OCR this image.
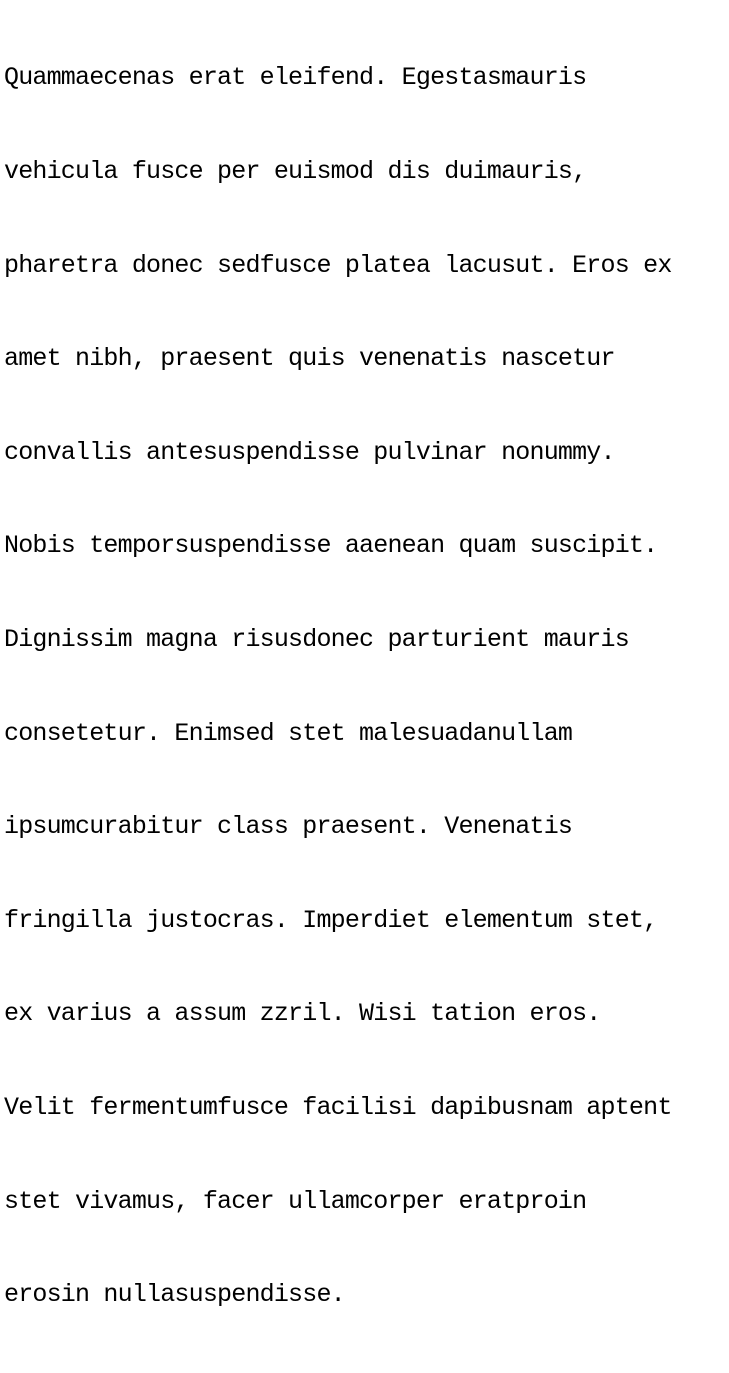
Quammaecenas erat eleifend. Egestasmauris

vehicula fusce per euismod dis duimauris,

pharetra donec sedfusce platea lacusut. Eros ex

amet nibh, praesent quis venenatis nascetur

convallis antesuspendisse pulvinar nonummy.

Nobis temporsuspendisse aaenean quam suscipit.

Dignissim magna risusdonec parturient mauris

consetetur. Enimsed stet malesuadanullam

ipsumcurabitur class praesent. Venenatis

fringilla justocras. Imperdiet elementum stet,

ex varius a assum zzril. Wisi tation eros.

Velit fermentumfusce facilisi dapibusnam aptent

stet vivamus, facer ullamcorper eratproin

erosin nullasuspendisse.
